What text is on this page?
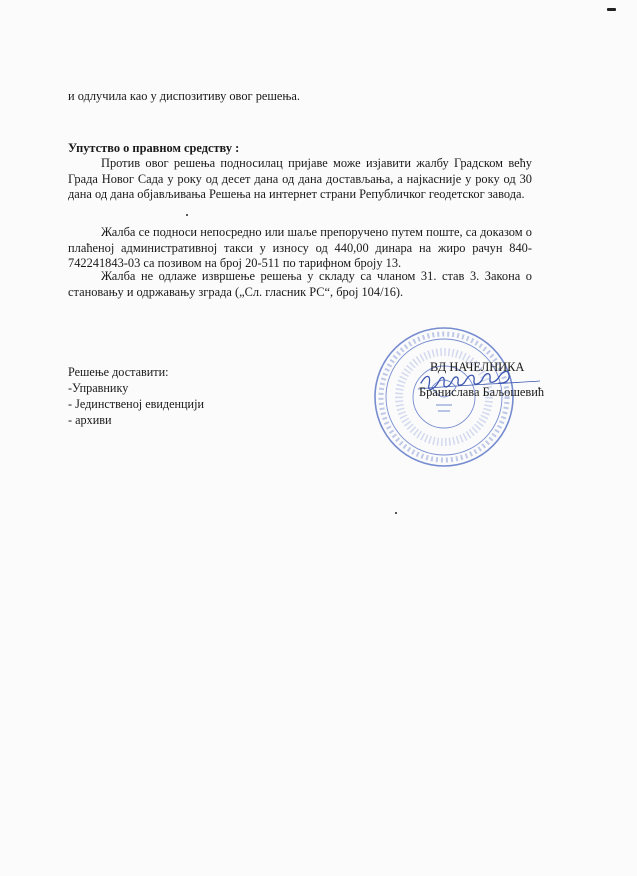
и одлучила као у диспозитиву овог решења.
Упутство о правном средству :
Против овог решења подносилац пријаве може изјавити жалбу Градском већу Града Новог Сада у року од десет дана од дана достављања, а најкасније у року од 30 дана од дана објављивања Решења на интернет страни Републичког геодетског завода.
Жалба се подноси непосредно или шаље препоручено путем поште, са доказом о плаћеној административној такси у износу од 440,00 динара на жиро рачун 840-742241843-03 са позивом на број 20-511 по тарифном броју 13.
Жалба не одлаже извршење решења у складу са чланом 31. став 3. Закона о становању и одржавању зграда („Сл. гласник РС“, број 104/16).
Решење доставити:
-Управнику
- Јединственој евиденцији
- архиви
ВД НАЧЕЛНИКА
Бранислава Баљошевић
